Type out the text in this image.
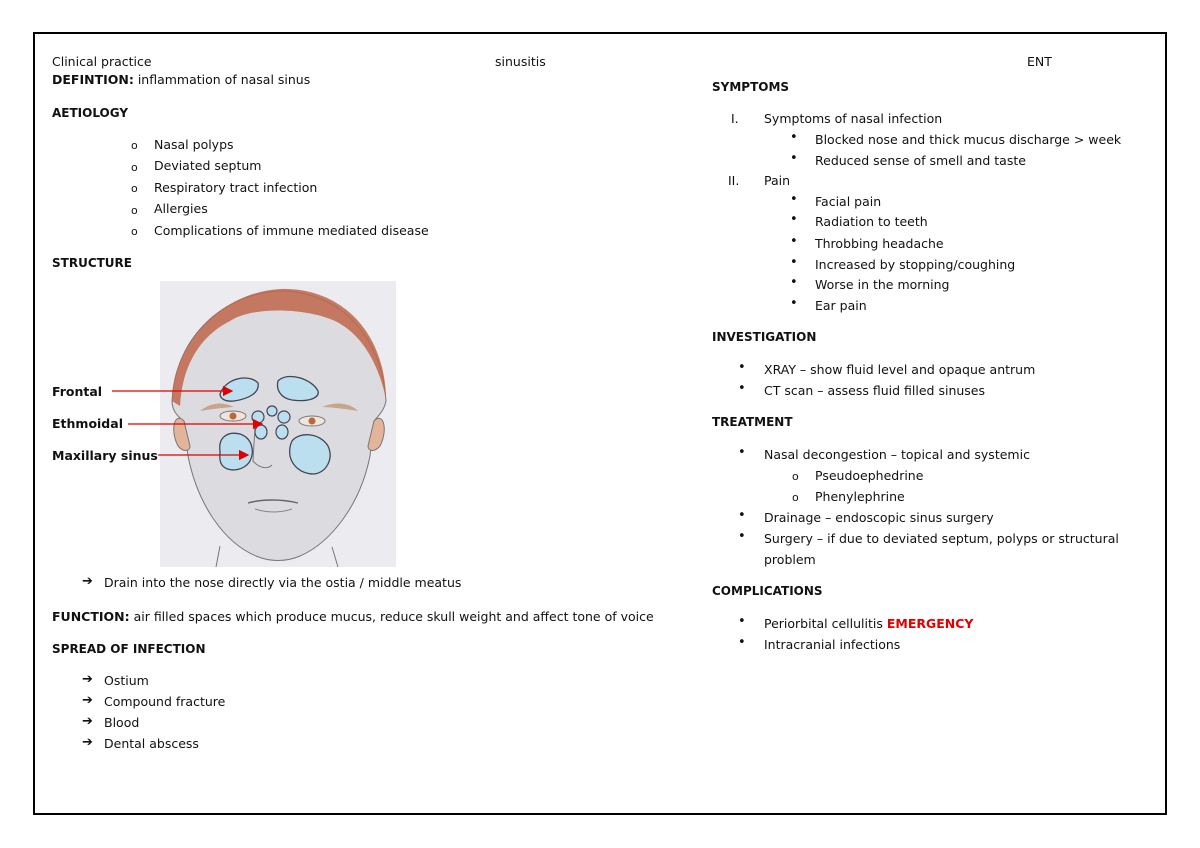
Clinical practice	sinusitis	ENT
DEFINTION: inflammation of nasal sinus
AETIOLOGY
o Nasal polyps
o Deviated septum
o Respiratory tract infection
o Allergies
o Complications of immune mediated disease
STRUCTURE
Frontal
Ethmoidal
Maxillary sinus
➔ Drain into the nose directly via the ostia / middle meatus
FUNCTION: air filled spaces which produce mucus, reduce skull weight and affect tone of voice
SPREAD OF INFECTION
➔ Ostium
➔ Compound fracture
➔ Blood
➔ Dental abscess
SYMPTOMS
I. Symptoms of nasal infection
• Blocked nose and thick mucus discharge > week
• Reduced sense of smell and taste
II. Pain
• Facial pain
• Radiation to teeth
• Throbbing headache
• Increased by stopping/coughing
• Worse in the morning
• Ear pain
INVESTIGATION
• XRAY – show fluid level and opaque antrum
• CT scan – assess fluid filled sinuses
TREATMENT
• Nasal decongestion – topical and systemic
o Pseudoephedrine
o Phenylephrine
• Drainage – endoscopic sinus surgery
• Surgery – if due to deviated septum, polyps or structural
problem
COMPLICATIONS
• Periorbital cellulitis EMERGENCY
• Intracranial infections
